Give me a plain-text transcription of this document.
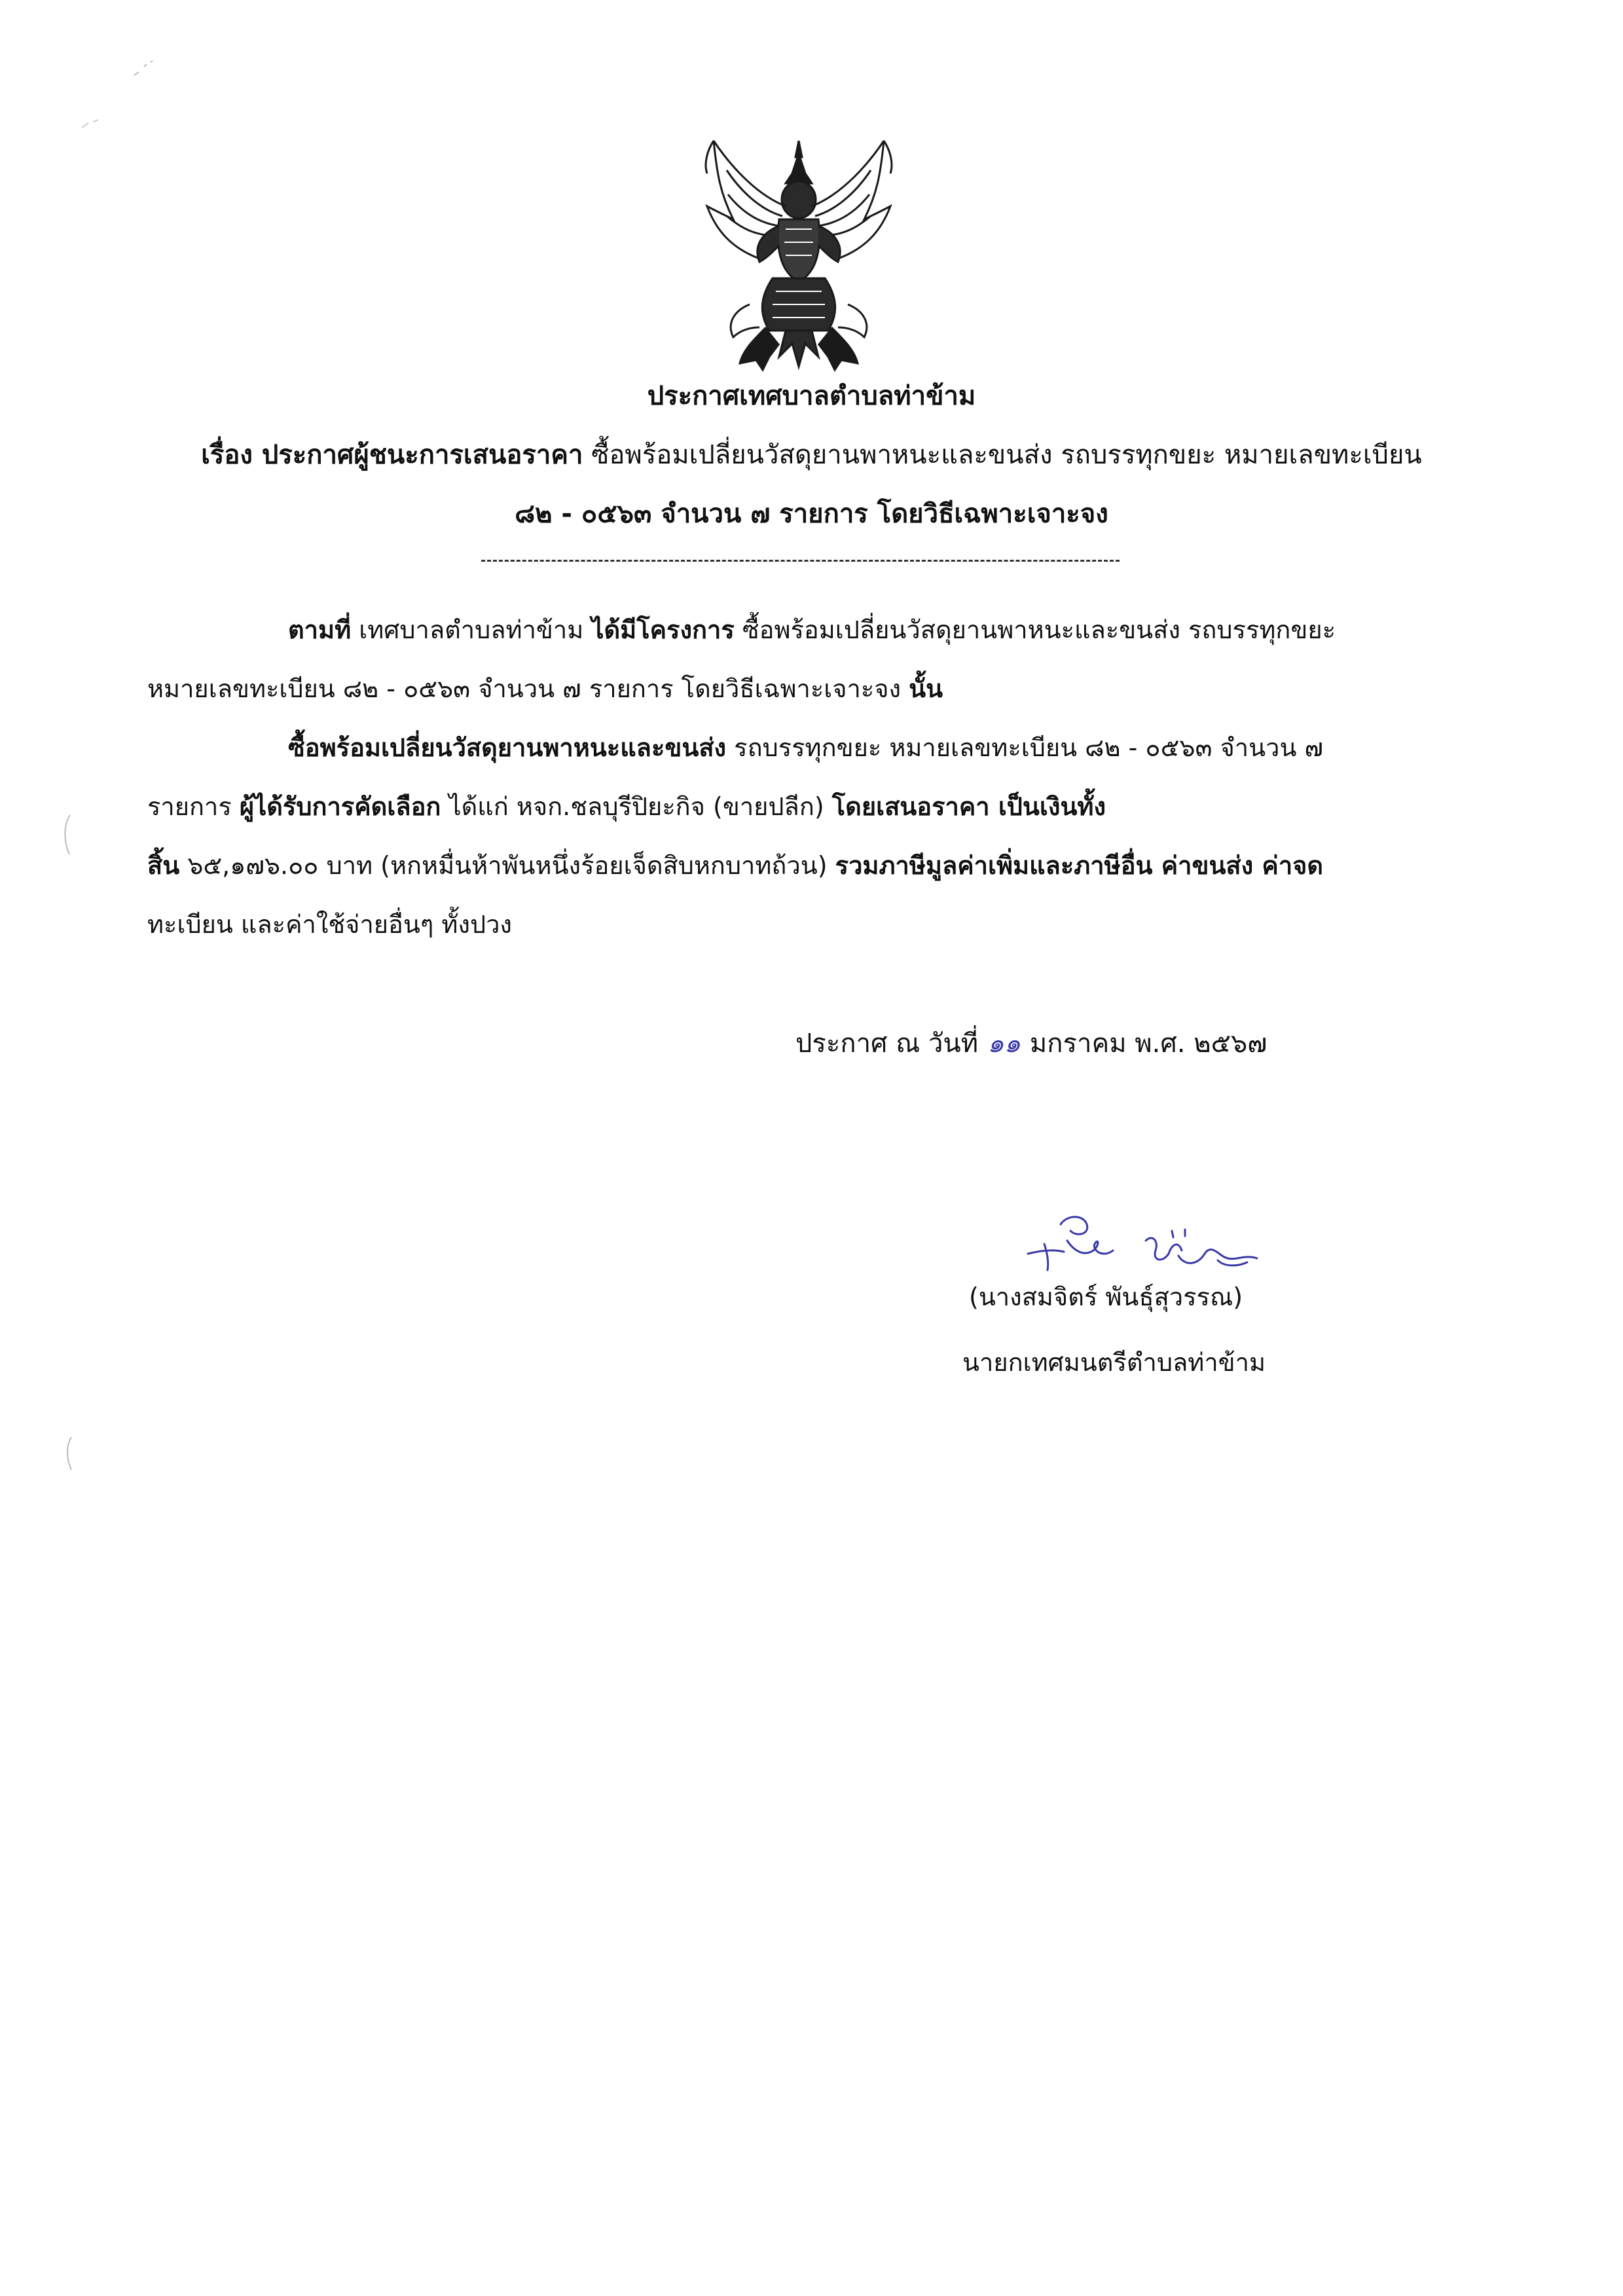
ประกาศเทศบาลตำบลท่าข้าม
เรื่อง ประกาศผู้ชนะการเสนอราคา ซื้อพร้อมเปลี่ยนวัสดุยานพาหนะและขนส่ง รถบรรทุกขยะ หมายเลขทะเบียน
๘๒ - ๐๕๖๓ จำนวน ๗ รายการ โดยวิธีเฉพาะเจาะจง
ตามที่ เทศบาลตำบลท่าข้าม ได้มีโครงการ ซื้อพร้อมเปลี่ยนวัสดุยานพาหนะและขนส่ง รถบรรทุกขยะ
หมายเลขทะเบียน ๘๒ - ๐๕๖๓ จำนวน ๗ รายการ โดยวิธีเฉพาะเจาะจง นั้น
ซื้อพร้อมเปลี่ยนวัสดุยานพาหนะและขนส่ง รถบรรทุกขยะ หมายเลขทะเบียน ๘๒ - ๐๕๖๓ จำนวน ๗
รายการ ผู้ได้รับการคัดเลือก ได้แก่ หจก.ชลบุรีปิยะกิจ (ขายปลีก) โดยเสนอราคา เป็นเงินทั้ง
สิ้น ๖๕,๑๗๖.๐๐ บาท (หกหมื่นห้าพันหนึ่งร้อยเจ็ดสิบหกบาทถ้วน) รวมภาษีมูลค่าเพิ่มและภาษีอื่น ค่าขนส่ง ค่าจด
ทะเบียน และค่าใช้จ่ายอื่นๆ ทั้งปวง
ประกาศ ณ วันที่ ๑๑ มกราคม พ.ศ. ๒๕๖๗
(นางสมจิตร์ พันธุ์สุวรรณ)
นายกเทศมนตรีตำบลท่าข้าม
